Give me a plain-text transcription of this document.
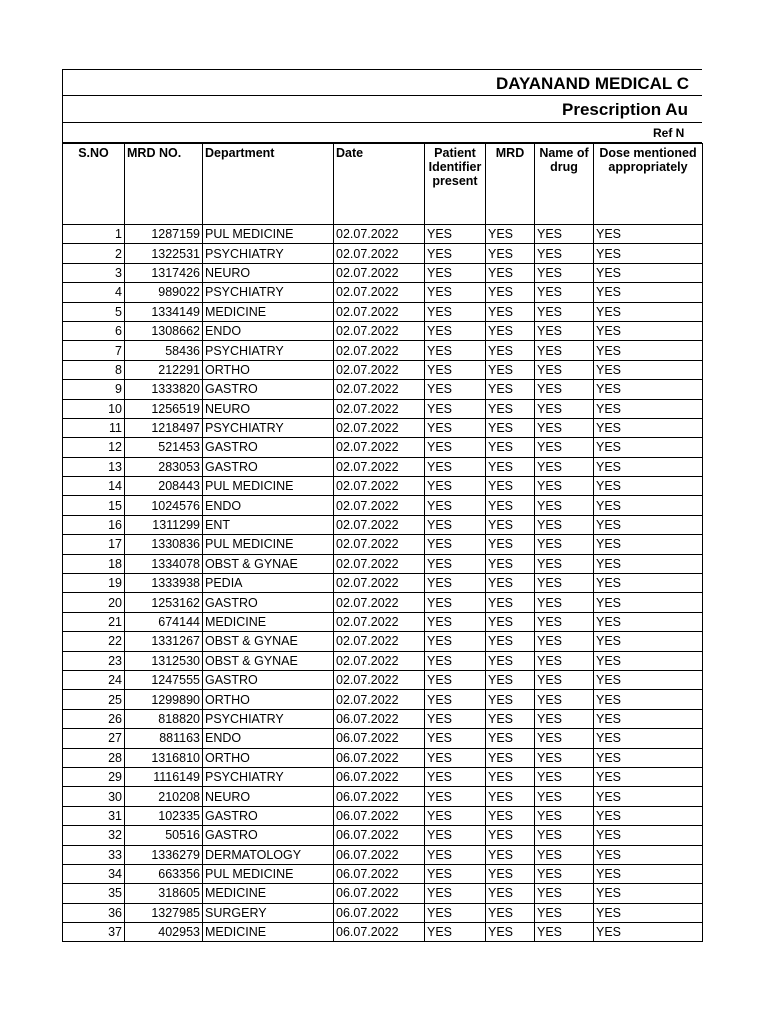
DAYANAND MEDICAL C
Prescription Au
Ref N
S.NO	MRD NO.	Department	Date	Patient Identifier present	MRD	Name of drug	Dose mentioned appropriately
1	1287159	PUL MEDICINE	02.07.2022	YES	YES	YES	YES
2	1322531	PSYCHIATRY	02.07.2022	YES	YES	YES	YES
3	1317426	NEURO	02.07.2022	YES	YES	YES	YES
4	989022	PSYCHIATRY	02.07.2022	YES	YES	YES	YES
5	1334149	MEDICINE	02.07.2022	YES	YES	YES	YES
6	1308662	ENDO	02.07.2022	YES	YES	YES	YES
7	58436	PSYCHIATRY	02.07.2022	YES	YES	YES	YES
8	212291	ORTHO	02.07.2022	YES	YES	YES	YES
9	1333820	GASTRO	02.07.2022	YES	YES	YES	YES
10	1256519	NEURO	02.07.2022	YES	YES	YES	YES
11	1218497	PSYCHIATRY	02.07.2022	YES	YES	YES	YES
12	521453	GASTRO	02.07.2022	YES	YES	YES	YES
13	283053	GASTRO	02.07.2022	YES	YES	YES	YES
14	208443	PUL MEDICINE	02.07.2022	YES	YES	YES	YES
15	1024576	ENDO	02.07.2022	YES	YES	YES	YES
16	1311299	ENT	02.07.2022	YES	YES	YES	YES
17	1330836	PUL MEDICINE	02.07.2022	YES	YES	YES	YES
18	1334078	OBST & GYNAE	02.07.2022	YES	YES	YES	YES
19	1333938	PEDIA	02.07.2022	YES	YES	YES	YES
20	1253162	GASTRO	02.07.2022	YES	YES	YES	YES
21	674144	MEDICINE	02.07.2022	YES	YES	YES	YES
22	1331267	OBST & GYNAE	02.07.2022	YES	YES	YES	YES
23	1312530	OBST & GYNAE	02.07.2022	YES	YES	YES	YES
24	1247555	GASTRO	02.07.2022	YES	YES	YES	YES
25	1299890	ORTHO	02.07.2022	YES	YES	YES	YES
26	818820	PSYCHIATRY	06.07.2022	YES	YES	YES	YES
27	881163	ENDO	06.07.2022	YES	YES	YES	YES
28	1316810	ORTHO	06.07.2022	YES	YES	YES	YES
29	1116149	PSYCHIATRY	06.07.2022	YES	YES	YES	YES
30	210208	NEURO	06.07.2022	YES	YES	YES	YES
31	102335	GASTRO	06.07.2022	YES	YES	YES	YES
32	50516	GASTRO	06.07.2022	YES	YES	YES	YES
33	1336279	DERMATOLOGY	06.07.2022	YES	YES	YES	YES
34	663356	PUL MEDICINE	06.07.2022	YES	YES	YES	YES
35	318605	MEDICINE	06.07.2022	YES	YES	YES	YES
36	1327985	SURGERY	06.07.2022	YES	YES	YES	YES
37	402953	MEDICINE	06.07.2022	YES	YES	YES	YES
